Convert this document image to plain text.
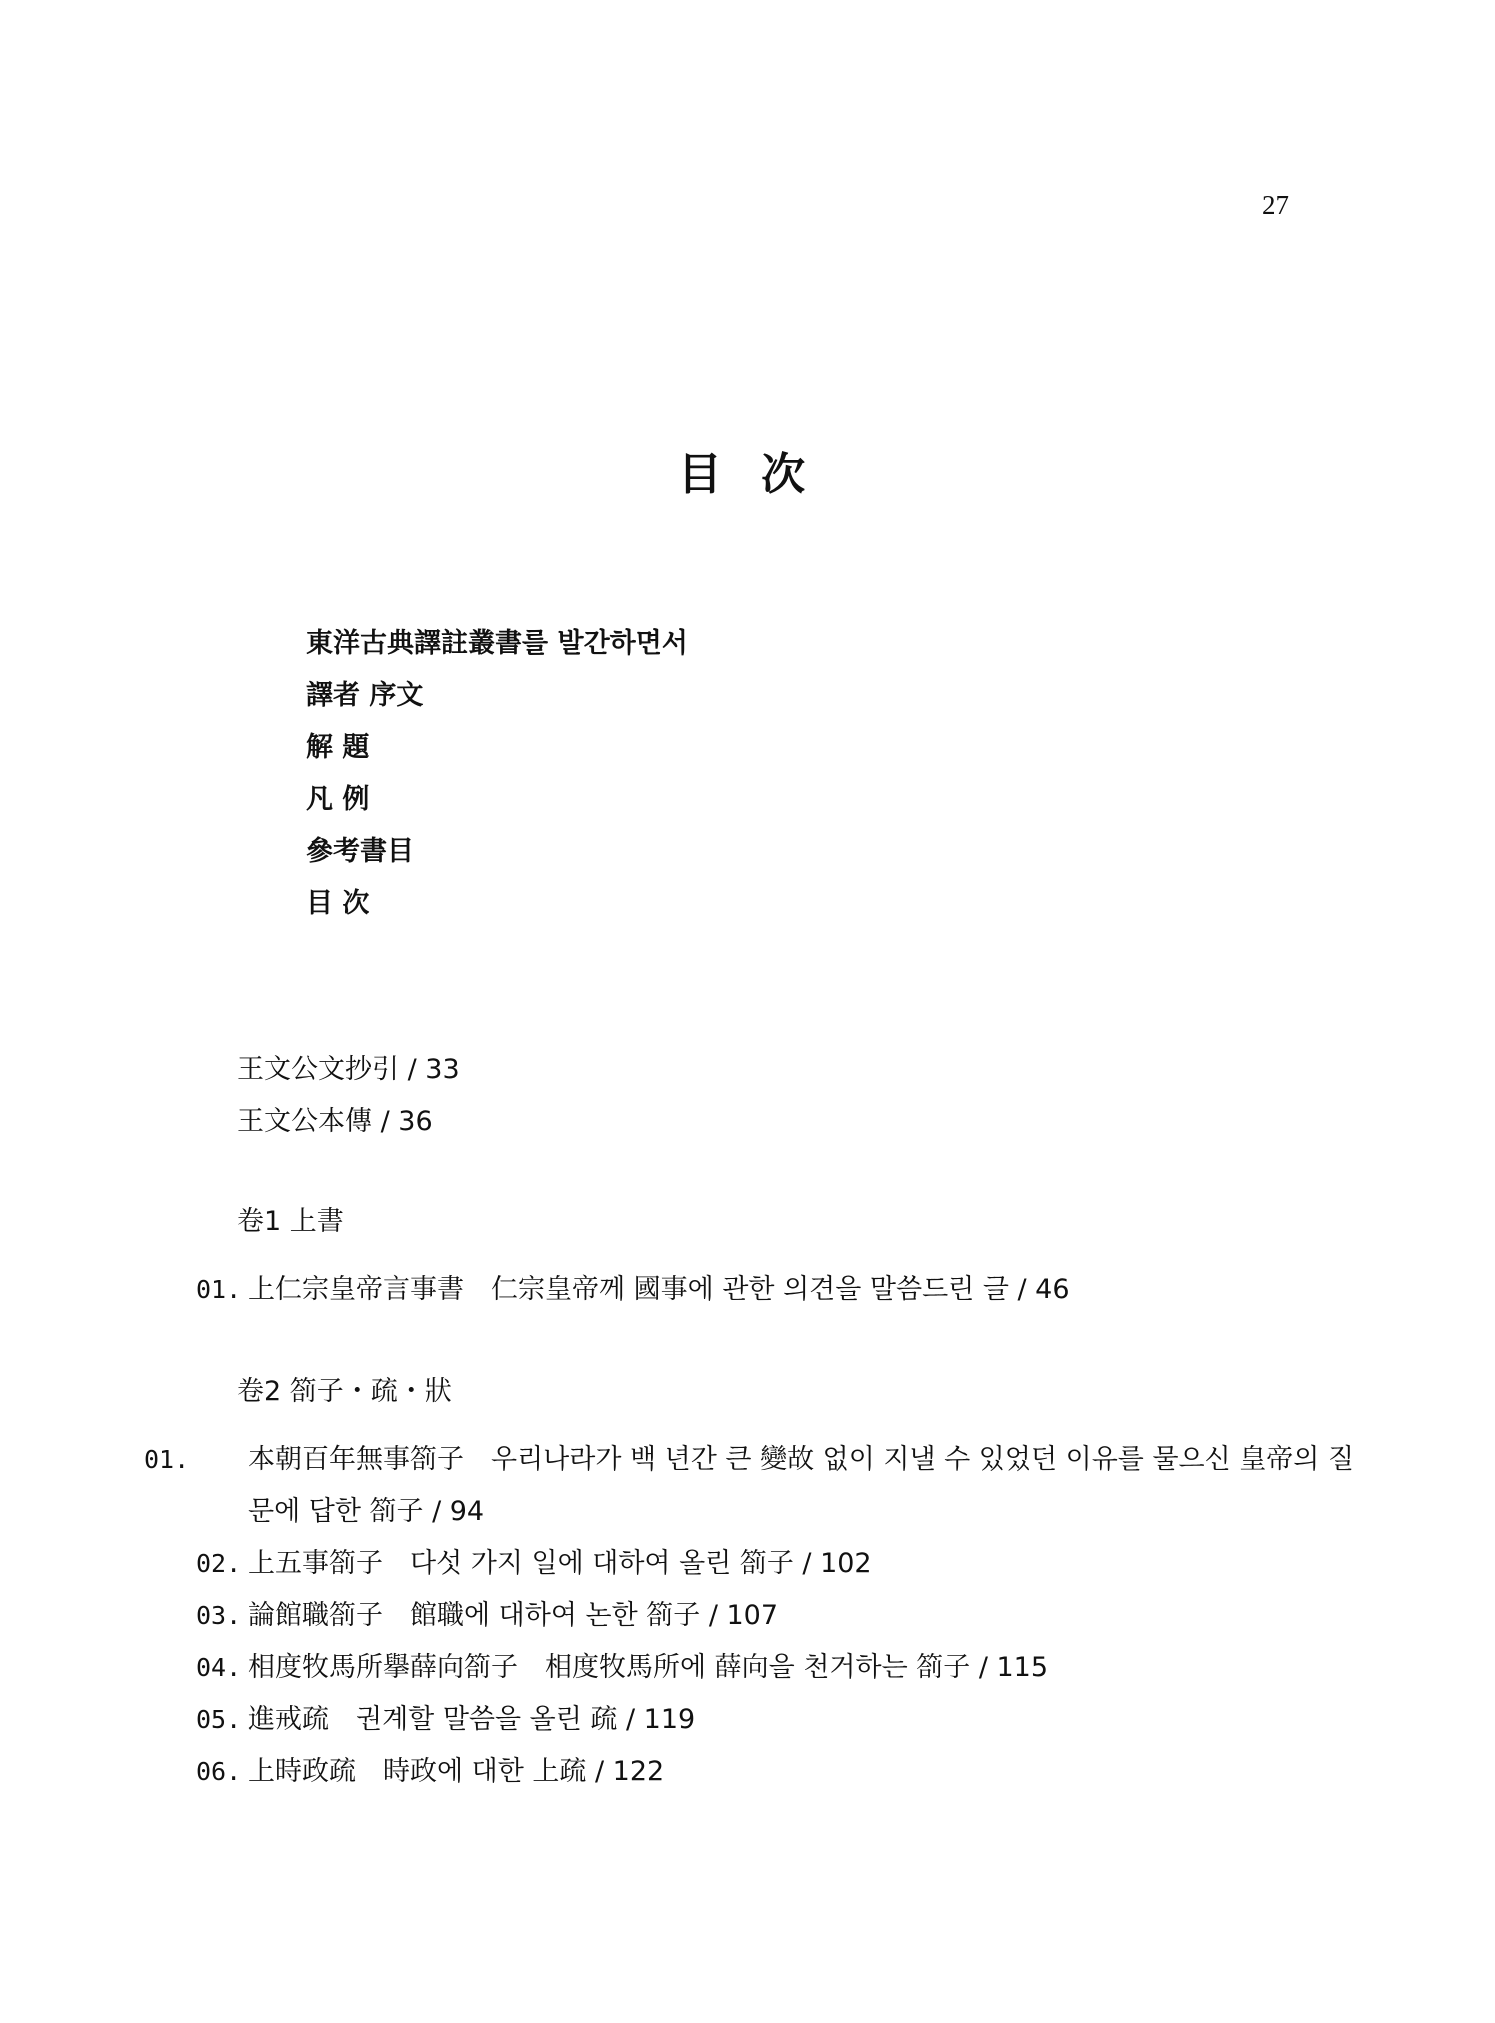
27
目 次
東洋古典譯註叢書를 발간하면서
譯者 序文
解 題
凡 例
參考書目
目 次
王文公文抄引 / 33
王文公本傳 / 36
卷1 上書
01. 上仁宗皇帝言事書　仁宗皇帝께 國事에 관한 의견을 말씀드린 글 / 46
卷2 箚子・疏・狀
01. 本朝百年無事箚子　우리나라가 백 년간 큰 變故 없이 지낼 수 있었던 이유를 물으신 皇帝의 질문에 답한 箚子 / 94
02. 上五事箚子　다섯 가지 일에 대하여 올린 箚子 / 102
03. 論館職箚子　館職에 대하여 논한 箚子 / 107
04. 相度牧馬所擧薛向箚子　相度牧馬所에 薛向을 천거하는 箚子 / 115
05. 進戒疏　권계할 말씀을 올린 疏 / 119
06. 上時政疏　時政에 대한 上疏 / 122
